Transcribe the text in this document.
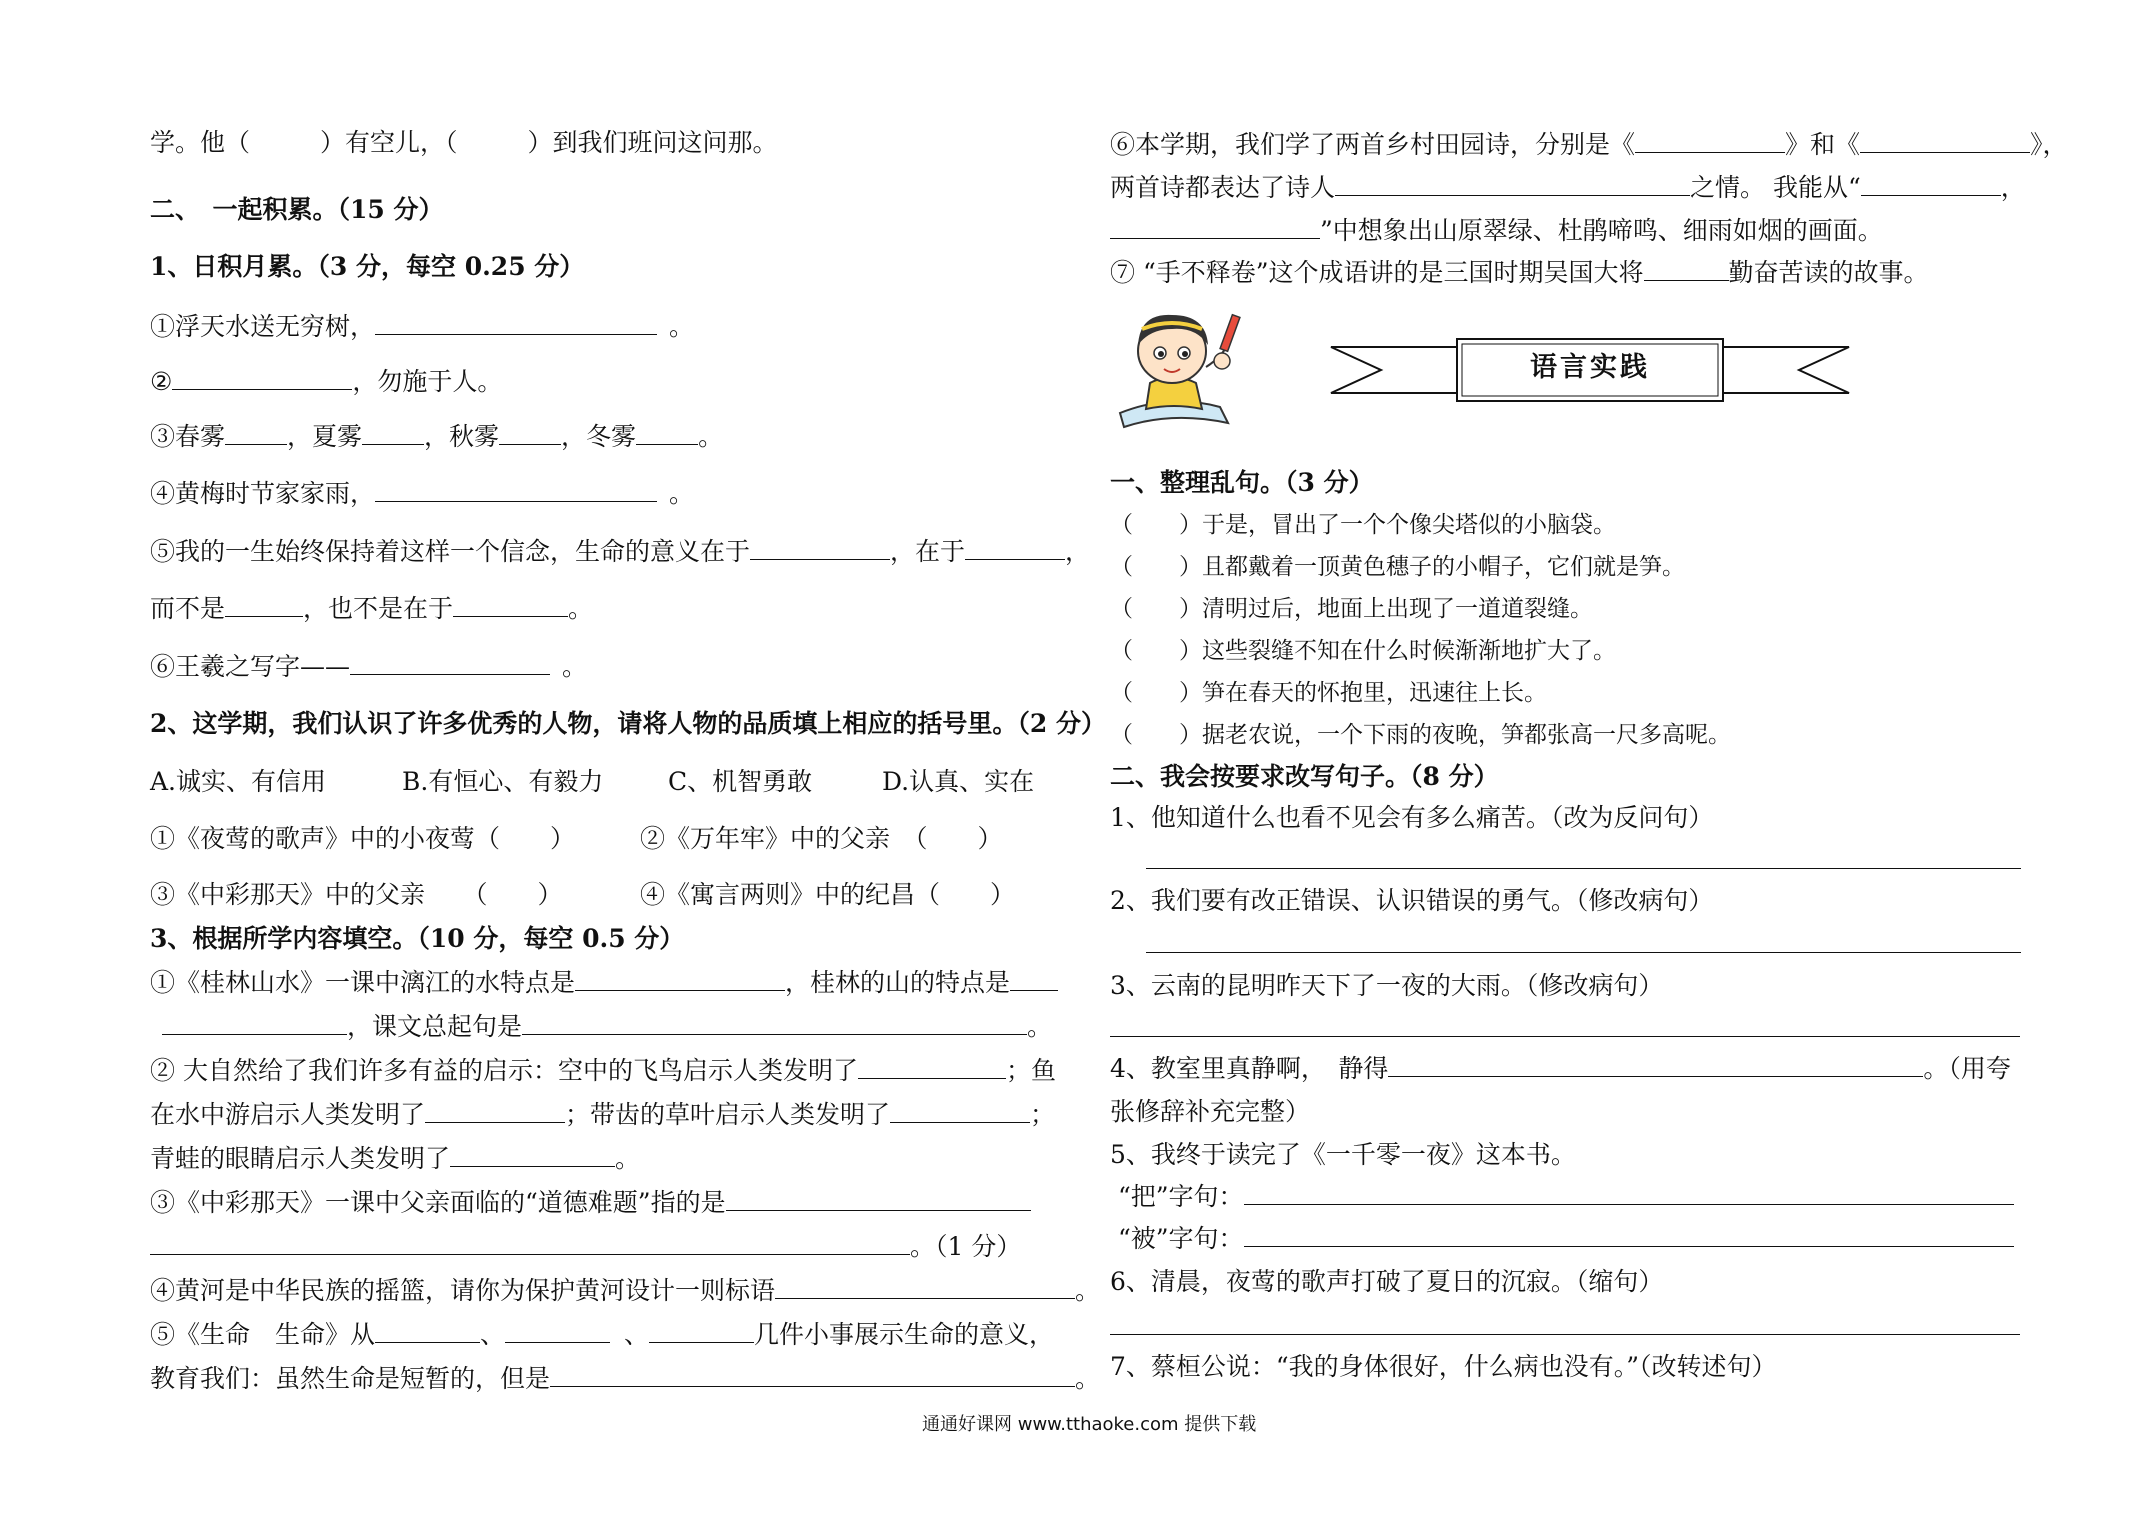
学。他（	）有空儿，（	）到我们班问这问那。
二、　一起积累。（15 分）
1、日积月累。（3 分，每空 0.25 分）
①浮天水送无穷树，	。
②	，勿施于人。
③春雾 ，夏雾 ，秋雾 ，冬雾 。
④黄梅时节家家雨，	。
⑤我的一生始终保持着这样一个信念，生命的意义在于	，在于	，
而不是	，也不是在于	。
⑥王羲之写字——	。
2、这学期，我们认识了许多优秀的人物，请将人物的品质填上相应的括号里。（2 分）
A.诚实、有信用	B.有恒心、有毅力	C、机智勇敢	D.认真、实在
①《夜莺的歌声》中的小夜莺（　　）	②《万年牢》中的父亲　（　　）
③《中彩那天》中的父亲　　（　　）	④《寓言两则》中的纪昌（　　）
3、根据所学内容填空。（10 分，每空 0.5 分）
①《桂林山水》一课中漓江的水特点是	，桂林的山的特点是
，课文总起句是	。
② 大自然给了我们许多有益的启示：空中的飞鸟启示人类发明了	；鱼
在水中游启示人类发明了	；带齿的草叶启示人类发明了	；
青蛙的眼睛启示人类发明了	。
③《中彩那天》一课中父亲面临的“道德难题”指的是
。（1 分）
④黄河是中华民族的摇篮，请你为保护黄河设计一则标语	。
⑤《生命　生命》从	、	、	几件小事展示生命的意义，
教育我们：虽然生命是短暂的，但是	。
⑥本学期，我们学了两首乡村田园诗，分别是《	》和《	》，
两首诗都表达了诗人	之情。 我能从“	，
”中想象出山原翠绿、杜鹃啼鸣、细雨如烟的画面。
⑦ “手不释卷”这个成语讲的是三国时期吴国大将	勤奋苦读的故事。
语言实践
一、整理乱句。（3 分）
（　　）于是，冒出了一个个像尖塔似的小脑袋。
（　　）且都戴着一顶黄色穗子的小帽子，它们就是笋。
（　　）清明过后，地面上出现了一道道裂缝。
（　　）这些裂缝不知在什么时候渐渐地扩大了。
（　　）笋在春天的怀抱里，迅速往上长。
（　　）据老农说，一个下雨的夜晚，笋都张高一尺多高呢。
二、我会按要求改写句子。（8 分）
1、他知道什么也看不见会有多么痛苦。（改为反问句）
2、我们要有改正错误、认识错误的勇气。（修改病句）
3、云南的昆明昨天下了一夜的大雨。（修改病句）
4、教室里真静啊，　静得	。（用夸
张修辞补充完整）
5、我终于读完了《一千零一夜》这本书。
“把”字句：
“被”字句：
6、清晨，夜莺的歌声打破了夏日的沉寂。（缩句）
7、蔡桓公说：“我的身体很好，什么病也没有。”（改转述句）
通通好课网 www.tthaoke.com 提供下载
